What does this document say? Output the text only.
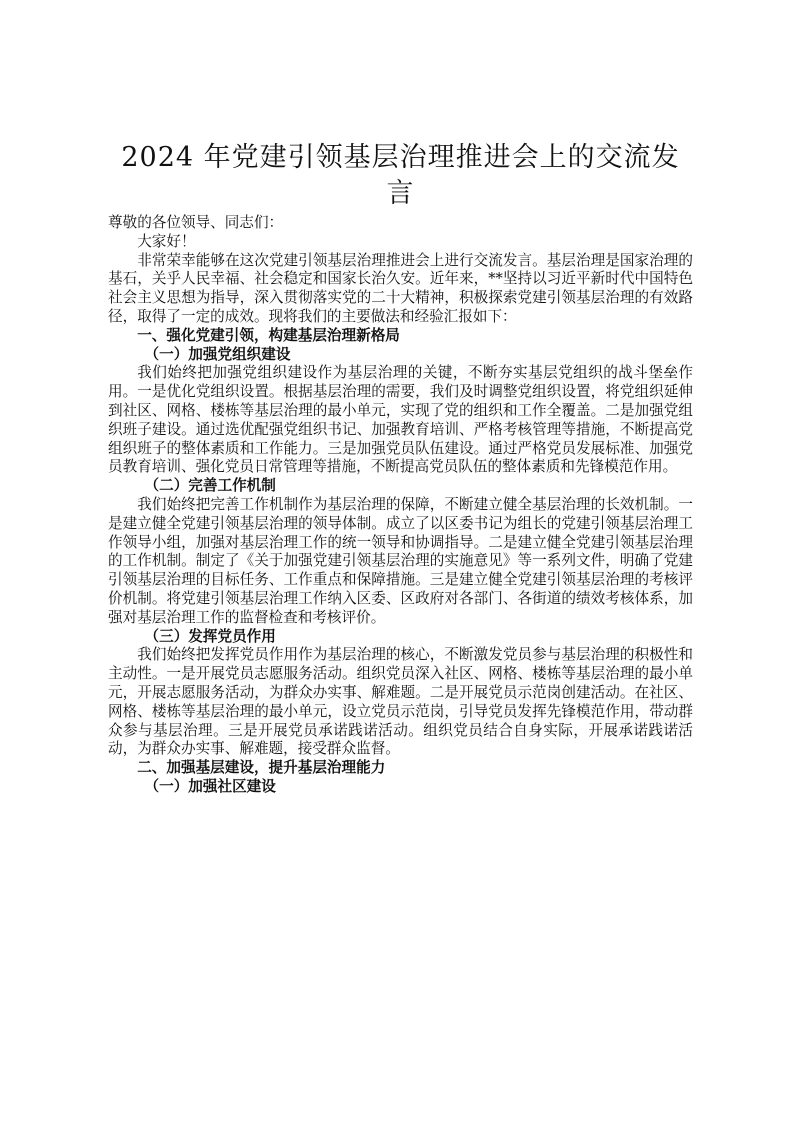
2024 年党建引领基层治理推进会上的交流发言

尊敬的各位领导、同志们：

大家好！

非常荣幸能够在这次党建引领基层治理推进会上进行交流发言。基层治理是国家治理的基石，关乎人民幸福、社会稳定和国家长治久安。近年来，**坚持以习近平新时代中国特色社会主义思想为指导，深入贯彻落实党的二十大精神，积极探索党建引领基层治理的有效路径，取得了一定的成效。现将我们的主要做法和经验汇报如下：

一、强化党建引领，构建基层治理新格局

（一）加强党组织建设

我们始终把加强党组织建设作为基层治理的关键，不断夯实基层党组织的战斗堡垒作用。一是优化党组织设置。根据基层治理的需要，我们及时调整党组织设置，将党组织延伸到社区、网格、楼栋等基层治理的最小单元，实现了党的组织和工作全覆盖。二是加强党组织班子建设。通过选优配强党组织书记、加强教育培训、严格考核管理等措施，不断提高党组织班子的整体素质和工作能力。三是加强党员队伍建设。通过严格党员发展标准、加强党员教育培训、强化党员日常管理等措施，不断提高党员队伍的整体素质和先锋模范作用。

（二）完善工作机制

我们始终把完善工作机制作为基层治理的保障，不断建立健全基层治理的长效机制。一是建立健全党建引领基层治理的领导体制。成立了以区委书记为组长的党建引领基层治理工作领导小组，加强对基层治理工作的统一领导和协调指导。二是建立健全党建引领基层治理的工作机制。制定了《关于加强党建引领基层治理的实施意见》等一系列文件，明确了党建引领基层治理的目标任务、工作重点和保障措施。三是建立健全党建引领基层治理的考核评价机制。将党建引领基层治理工作纳入区委、区政府对各部门、各街道的绩效考核体系，加强对基层治理工作的监督检查和考核评价。

（三）发挥党员作用

我们始终把发挥党员作用作为基层治理的核心，不断激发党员参与基层治理的积极性和主动性。一是开展党员志愿服务活动。组织党员深入社区、网格、楼栋等基层治理的最小单元，开展志愿服务活动，为群众办实事、解难题。二是开展党员示范岗创建活动。在社区、网格、楼栋等基层治理的最小单元，设立党员示范岗，引导党员发挥先锋模范作用，带动群众参与基层治理。三是开展党员承诺践诺活动。组织党员结合自身实际，开展承诺践诺活动，为群众办实事、解难题，接受群众监督。

二、加强基层建设，提升基层治理能力

（一）加强社区建设
